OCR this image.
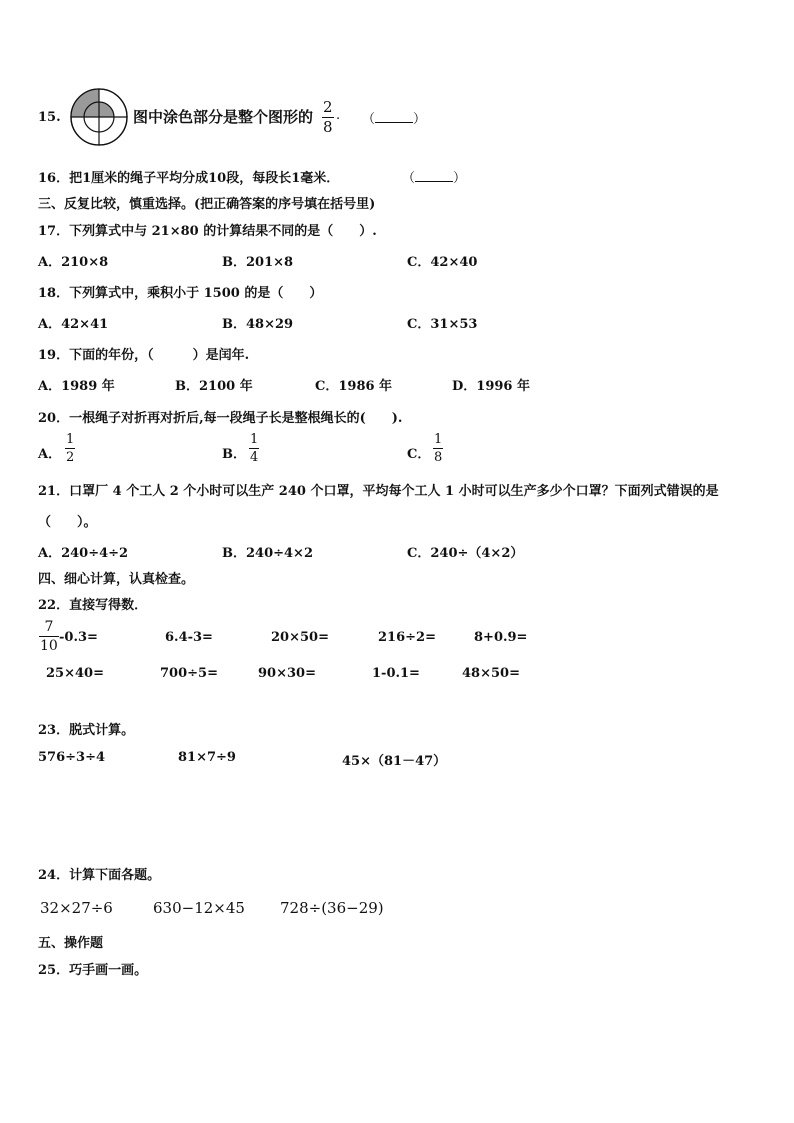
15.	图中涂色部分是整个图形的
2
8
. （	）
16．把1厘米的绳子平均分成10段，每段长1毫米．	（	）
三、反复比较，慎重选择。(把正确答案的序号填在括号里)
17．下列算式中与 21×80 的计算结果不同的是（　　）.
A．210×8	B．201×8	C．42×40
18．下列算式中，乘积小于 1500 的是（　　）
A．42×41	B．48×29	C．31×53
19．下面的年份，（　　　）是闰年.
A．1989 年	B．2100 年	C．1986 年	D．1996 年
20．一根绳子对折再对折后,每一段绳子长是整根绳长的(　　).
A．
1
2	B．
1
4	C．
1
8
21．口罩厂 4 个工人 2 个小时可以生产 240 个口罩，平均每个工人 1 小时可以生产多少个口罩？下面列式错误的是
（　　）。
A．240÷4÷2	B．240÷4×2	C．240÷（4×2）
四、细心计算，认真检查。
22．直接写得数．
7
10
-0.3=	6.4-3=	20×50=	216÷2=	8+0.9=
25×40=	700÷5=	90×30=	1-0.1=	48×50=
23．脱式计算。
576÷3÷4	81×7÷9	45×（81－47）
24．计算下面各题。
32×27÷6	630−12×45 728÷(36−29)
五、操作题
25．巧手画一画。
